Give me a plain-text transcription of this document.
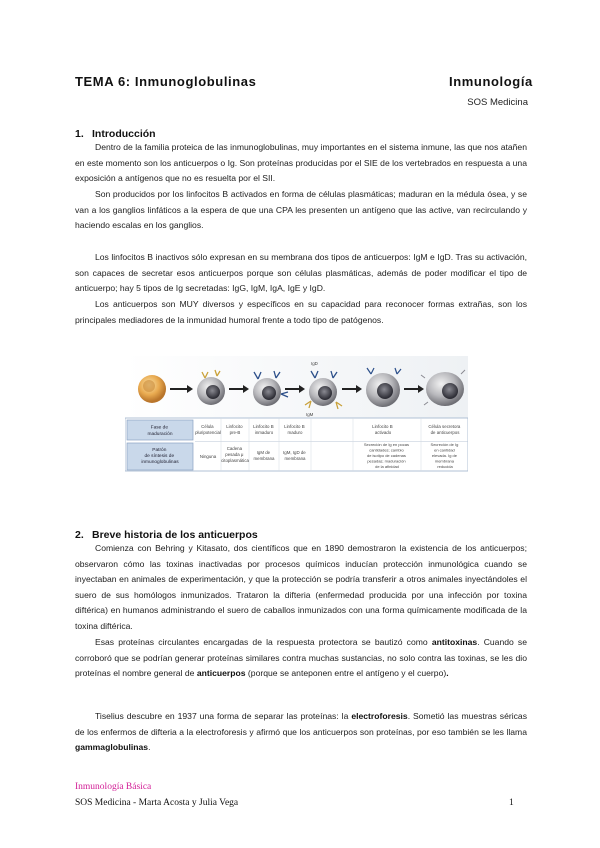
TEMA 6: Inmunoglobulinas	Inmunología
SOS Medicina
1. Introducción
Dentro de la familia proteica de las inmunoglobulinas, muy importantes en el sistema inmune, las que nos atañen en este momento son los anticuerpos o Ig. Son proteínas producidas por el SIE de los vertebrados en respuesta a una exposición a antígenos que no es resuelta por el SII.
Son producidos por los linfocitos B activados en forma de células plasmáticas; maduran en la médula ósea, y se van a los ganglios linfáticos a la espera de que una CPA les presenten un antígeno que las active, van recirculando y haciendo escalas en los ganglios.
Los linfocitos B inactivos sólo expresan en su membrana dos tipos de anticuerpos: IgM e IgD. Tras su activación, son capaces de secretar esos anticuerpos porque son células plasmáticas, además de poder modificar el tipo de anticuerpo; hay 5 tipos de Ig secretadas: IgG, IgM, IgA, IgE y IgD.
Los anticuerpos son MUY diversos y específicos en su capacidad para reconocer formas extrañas, son los principales mediadores de la inmunidad humoral frente a todo tipo de patógenos.
IgD
IgM
Fase de maduración
Patrón de síntesis de inmunoglobulinas
Célula pluripotencial
Linfocito pre-B
Linfocito B inmaduro
Linfocito B maduro
Linfocito B activado
Célula secretora de anticuerpos
Ninguna
Cadena pesada μ citoplasmática
IgM de membrana
IgM, IgD de membrana
Secreción de Ig en pocas cantidades; cambio de isotipo de cadenas pesadas; maduración de la afinidad
Secreción de Ig en cantidad elevada. Ig de membrana reducida
2. Breve historia de los anticuerpos
Comienza con Behring y Kitasato, dos científicos que en 1890 demostraron la existencia de los anticuerpos; observaron cómo las toxinas inactivadas por procesos químicos inducían protección inmunológica cuando se inyectaban en animales de experimentación, y que la protección se podría transferir a otros animales inyectándoles el suero de sus homólogos inmunizados. Trataron la difteria (enfermedad producida por una infección por toxina diftérica) en humanos administrando el suero de caballos inmunizados con una forma químicamente modificada de la toxina diftérica.
Esas proteínas circulantes encargadas de la respuesta protectora se bautizó como antitoxinas. Cuando se corroboró que se podrían generar proteínas similares contra muchas sustancias, no solo contra las toxinas, se les dio proteínas el nombre general de anticuerpos (porque se anteponen entre el antígeno y el cuerpo).
Tiselius descubre en 1937 una forma de separar las proteínas: la electroforesis. Sometió las muestras séricas de los enfermos de difteria a la electroforesis y afirmó que los anticuerpos son proteínas, por eso también se les llama gammaglobulinas.
Inmunología Básica
SOS Medicina - Marta Acosta y Julia Vega	1
